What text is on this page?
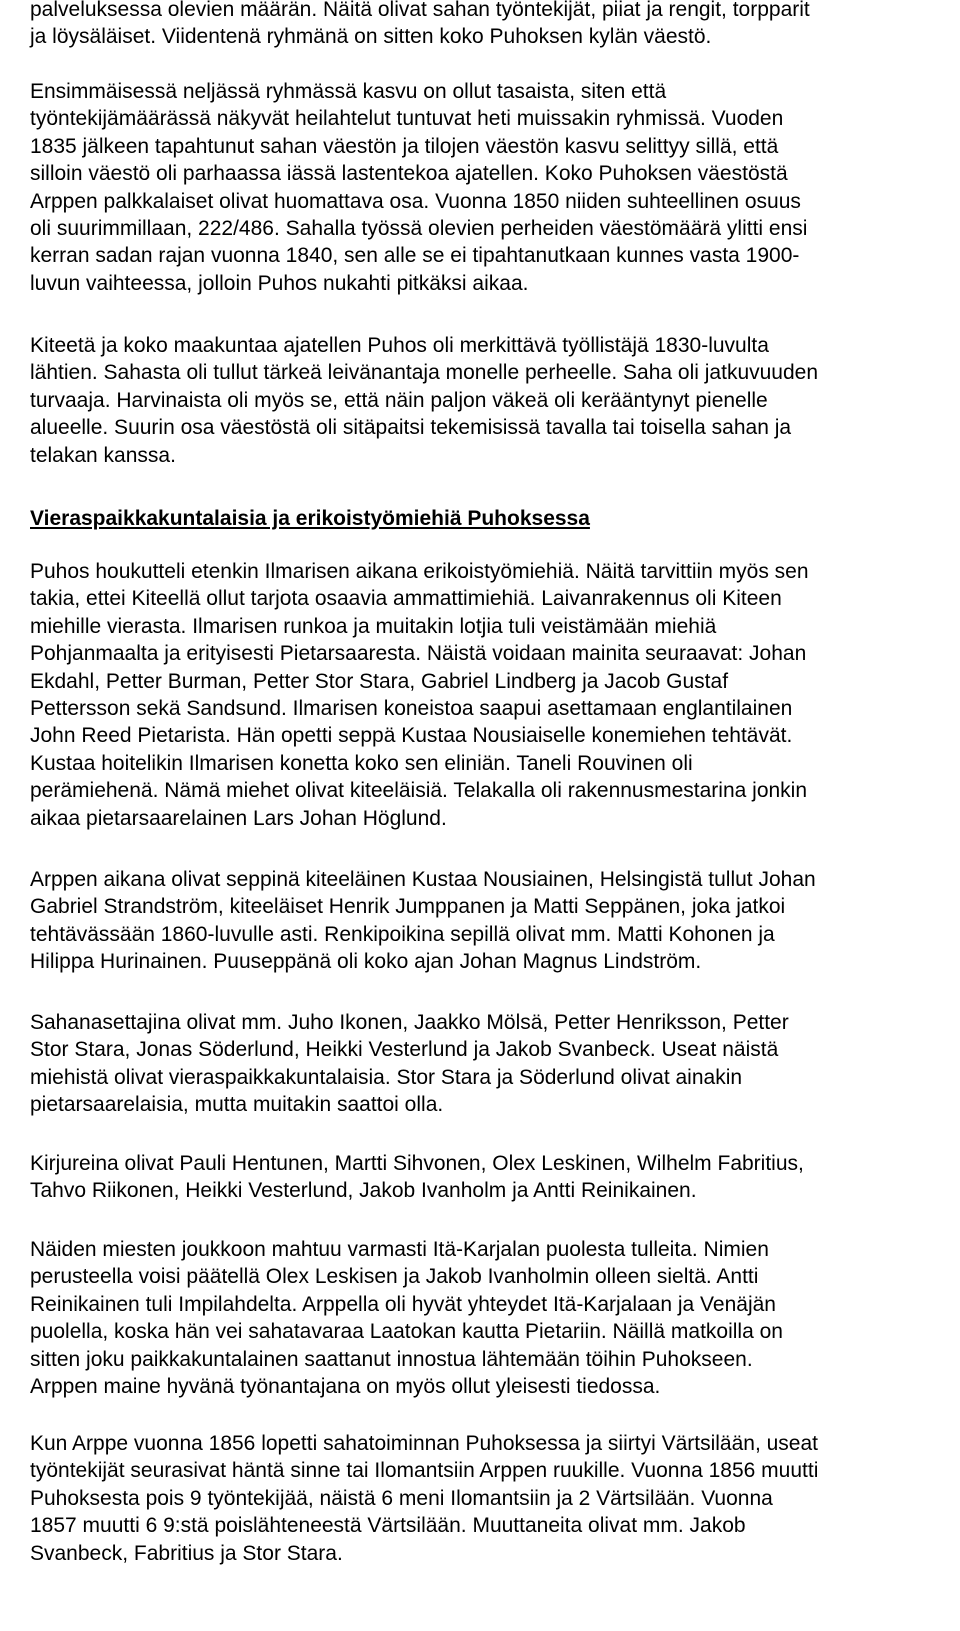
palveluksessa olevien määrän. Näitä olivat sahan työntekijät, piiat ja rengit, torpparit
ja löysäläiset. Viidentenä ryhmänä on sitten koko Puhoksen kylän väestö.

Ensimmäisessä neljässä ryhmässä kasvu on ollut tasaista, siten että
työntekijämäärässä näkyvät heilahtelut tuntuvat heti muissakin ryhmissä. Vuoden
1835 jälkeen tapahtunut sahan väestön ja tilojen väestön kasvu selittyy sillä, että
silloin väestö oli parhaassa iässä lastentekoa ajatellen. Koko Puhoksen väestöstä
Arppen palkkalaiset olivat huomattava osa. Vuonna 1850 niiden suhteellinen osuus
oli suurimmillaan, 222/486. Sahalla työssä olevien perheiden väestömäärä ylitti ensi
kerran sadan rajan vuonna 1840, sen alle se ei tipahtanutkaan kunnes vasta 1900-
luvun vaihteessa, jolloin Puhos nukahti pitkäksi aikaa.

Kiteetä ja koko maakuntaa ajatellen Puhos oli merkittävä työllistäjä 1830-luvulta
lähtien. Sahasta oli tullut tärkeä leivänantaja monelle perheelle. Saha oli jatkuvuuden
turvaaja. Harvinaista oli myös se, että näin paljon väkeä oli kerääntynyt pienelle
alueelle. Suurin osa väestöstä oli sitäpaitsi tekemisissä tavalla tai toisella sahan ja
telakan kanssa.

Vieraspaikkakuntalaisia ja erikoistyömiehiä Puhoksessa

Puhos houkutteli etenkin Ilmarisen aikana erikoistyömiehiä. Näitä tarvittiin myös sen
takia, ettei Kiteellä ollut tarjota osaavia ammattimiehiä. Laivanrakennus oli Kiteen
miehille vierasta. Ilmarisen runkoa ja muitakin lotjia tuli veistämään miehiä
Pohjanmaalta ja erityisesti Pietarsaaresta. Näistä voidaan mainita seuraavat: Johan
Ekdahl, Petter Burman, Petter Stor Stara, Gabriel Lindberg ja Jacob Gustaf
Pettersson sekä Sandsund. Ilmarisen koneistoa saapui asettamaan englantilainen
John Reed Pietarista. Hän opetti seppä Kustaa Nousiaiselle konemiehen tehtävät.
Kustaa hoitelikin Ilmarisen konetta koko sen eliniän. Taneli Rouvinen oli
perämiehenä. Nämä miehet olivat kiteeläisiä. Telakalla oli rakennusmestarina jonkin
aikaa pietarsaarelainen Lars Johan Höglund.

Arppen aikana olivat seppinä kiteeläinen Kustaa Nousiainen, Helsingistä tullut Johan
Gabriel Strandström, kiteeläiset Henrik Jumppanen ja Matti Seppänen, joka jatkoi
tehtävässään 1860-luvulle asti. Renkipoikina sepillä olivat mm. Matti Kohonen ja
Hilippa Hurinainen. Puuseppänä oli koko ajan Johan Magnus Lindström.

Sahanasettajina olivat mm. Juho Ikonen, Jaakko Mölsä, Petter Henriksson, Petter
Stor Stara, Jonas Söderlund, Heikki Vesterlund ja Jakob Svanbeck. Useat näistä
miehistä olivat vieraspaikkakuntalaisia. Stor Stara ja Söderlund olivat ainakin
pietarsaarelaisia, mutta muitakin saattoi olla.

Kirjureina olivat Pauli Hentunen, Martti Sihvonen, Olex Leskinen, Wilhelm Fabritius,
Tahvo Riikonen, Heikki Vesterlund, Jakob Ivanholm ja Antti Reinikainen.

Näiden miesten joukkoon mahtuu varmasti Itä-Karjalan puolesta tulleita. Nimien
perusteella voisi päätellä Olex Leskisen ja Jakob Ivanholmin olleen sieltä. Antti
Reinikainen tuli Impilahdelta. Arppella oli hyvät yhteydet Itä-Karjalaan ja Venäjän
puolella, koska hän vei sahatavaraa Laatokan kautta Pietariin. Näillä matkoilla on
sitten joku paikkakuntalainen saattanut innostua lähtemään töihin Puhokseen.
Arppen maine hyvänä työnantajana on myös ollut yleisesti tiedossa.

Kun Arppe vuonna 1856 lopetti sahatoiminnan Puhoksessa ja siirtyi Värtsilään, useat
työntekijät seurasivat häntä sinne tai Ilomantsiin Arppen ruukille. Vuonna 1856 muutti
Puhoksesta pois 9 työntekijää, näistä 6 meni Ilomantsiin ja 2 Värtsilään. Vuonna
1857 muutti 6 9:stä poislähteneestä Värtsilään. Muuttaneita olivat mm. Jakob
Svanbeck, Fabritius ja Stor Stara.
